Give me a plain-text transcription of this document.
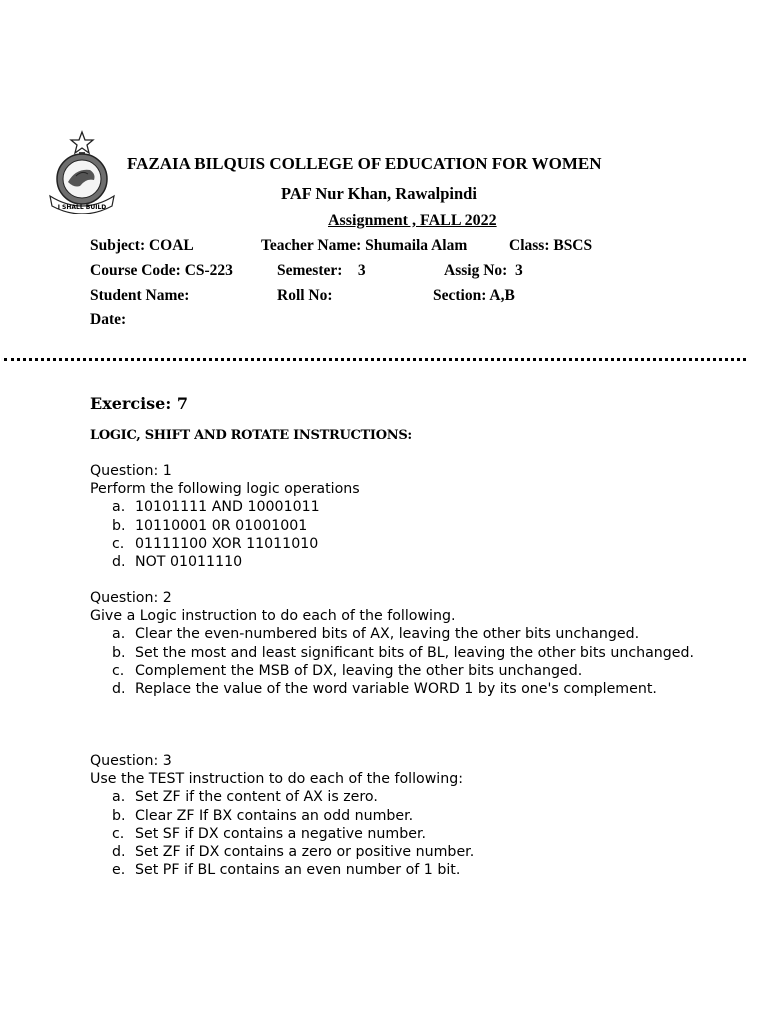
I SHALL BUILD
FAZAIA BILQUIS COLLEGE OF EDUCATION FOR WOMEN
PAF Nur Khan, Rawalpindi
Assignment , FALL 2022
Subject: COAL	Teacher Name: Shumaila Alam	Class: BSCS
Course Code: CS-223	Semester:    3	Assig No:  3
Student Name:	Roll No:	Section: A,B
Date:
Exercise: 7
LOGIC, SHIFT AND ROTATE INSTRUCTIONS:

Question: 1

Perform the following logic operations

a. 10101111 AND 10001011
b. 10110001 0R 01001001
c. 01111100 XOR 11011010
d. NOT 01011110

Question: 2

Give a Logic instruction to do each of the following.

a. Clear the even-numbered bits of AX, leaving the other bits unchanged.
b. Set the most and least significant bits of BL, leaving the other bits unchanged.
c. Complement the MSB of DX, leaving the other bits unchanged.
d. Replace the value of the word variable WORD 1 by its one's complement.

Question: 3

Use the TEST instruction to do each of the following:

a. Set ZF if the content of AX is zero.
b. Clear ZF If BX contains an odd number.
c. Set SF if DX contains a negative number.
d. Set ZF if DX contains a zero or positive number.
e. Set PF if BL contains an even number of 1 bit.
